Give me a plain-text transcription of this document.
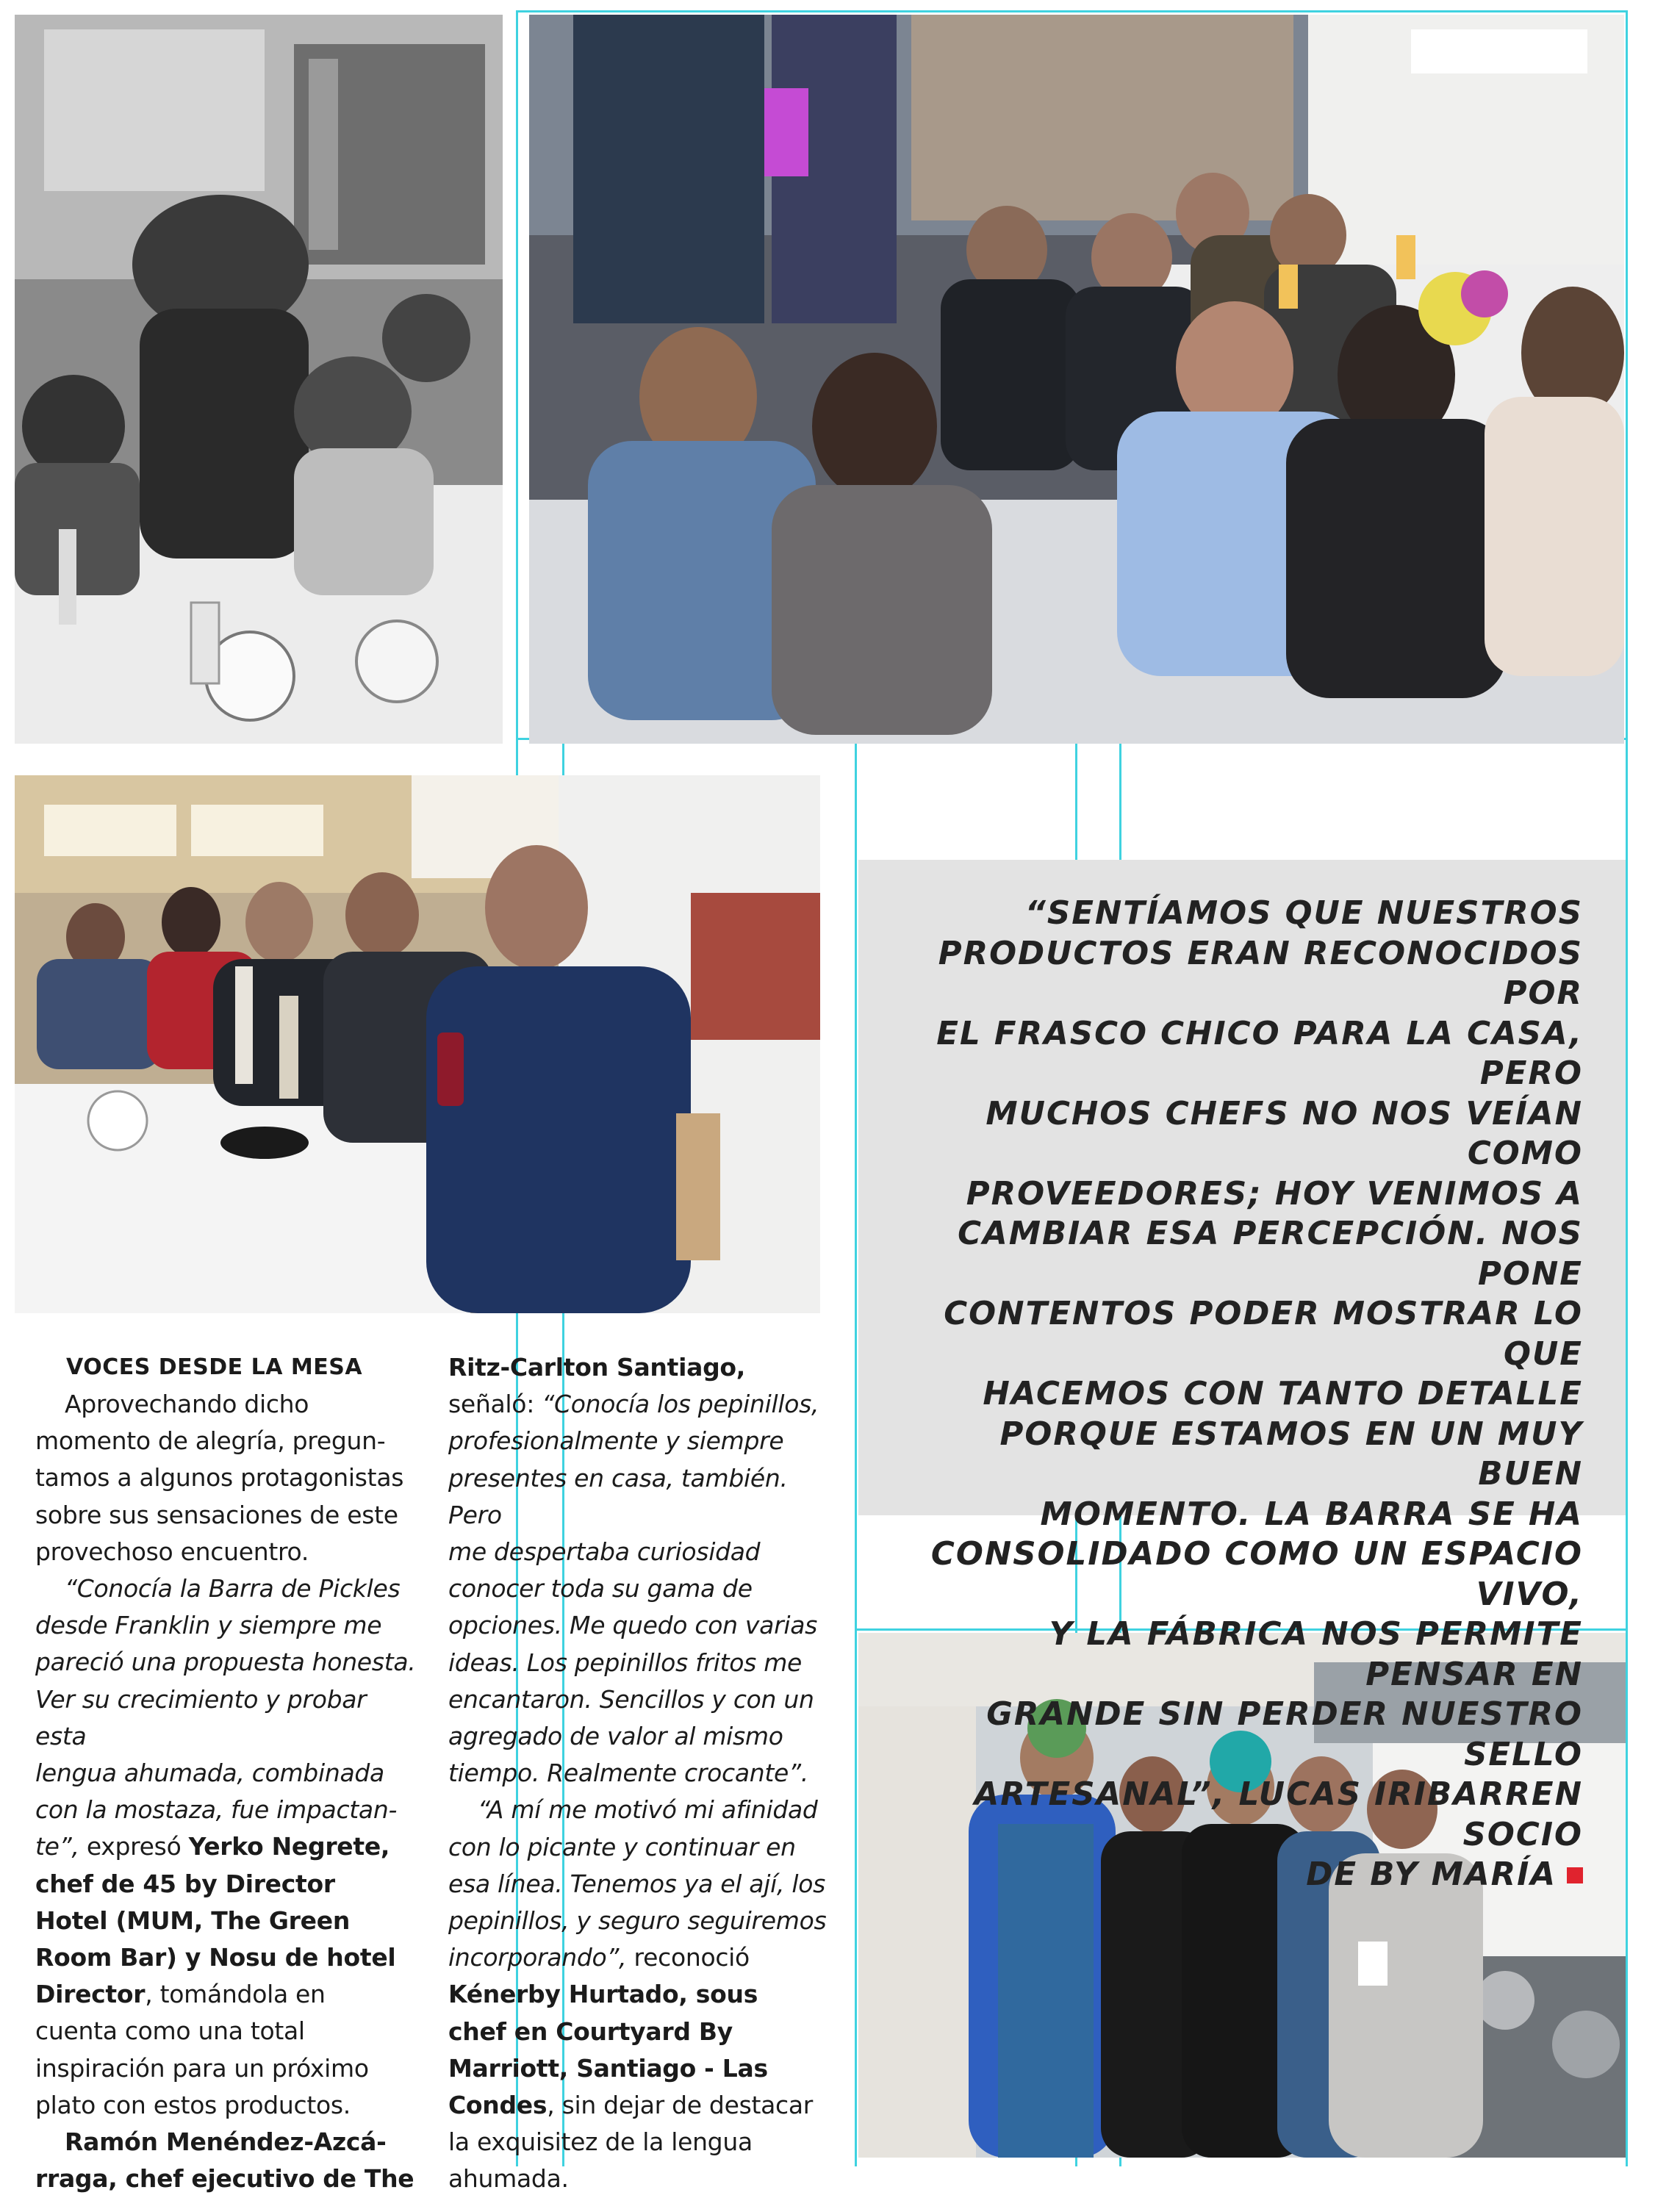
“SENTÍAMOS QUE NUESTROS
PRODUCTOS ERAN RECONOCIDOS POR
EL FRASCO CHICO PARA LA CASA, PERO
MUCHOS CHEFS NO NOS VEÍAN COMO
PROVEEDORES; HOY VENIMOS A
CAMBIAR ESA PERCEPCIÓN. NOS PONE
CONTENTOS PODER MOSTRAR LO QUE
HACEMOS CON TANTO DETALLE
PORQUE ESTAMOS EN UN MUY BUEN
MOMENTO. LA BARRA SE HA
CONSOLIDADO COMO UN ESPACIO VIVO,
Y LA FÁBRICA NOS PERMITE PENSAR EN
GRANDE SIN PERDER NUESTRO SELLO
ARTESANAL”, LUCAS IRIBARREN SOCIO
DE BY MARÍA

VOCES DESDE LA MESA

Aprovechando dicho
momento de alegría, pregun-
tamos a algunos protagonistas
sobre sus sensaciones de este
provechoso encuentro.

“Conocía la Barra de Pickles
desde Franklin y siempre me
pareció una propuesta honesta.
Ver su crecimiento y probar esta
lengua ahumada, combinada
con la mostaza, fue impactan-
te”, expresó Yerko Negrete,
chef de 45 by Director
Hotel (MUM, The Green
Room Bar) y Nosu de hotel
Director, tomándola en
cuenta como una total
inspiración para un próximo
plato con estos productos.

Ramón Menéndez-Azcá-
rraga, chef ejecutivo de The

Ritz-Carlton Santiago,
señaló: “Conocía los pepinillos,
profesionalmente y siempre
presentes en casa, también. Pero
me despertaba curiosidad
conocer toda su gama de
opciones. Me quedo con varias
ideas. Los pepinillos fritos me
encantaron. Sencillos y con un
agregado de valor al mismo
tiempo. Realmente crocante”.

“A mí me motivó mi afinidad
con lo picante y continuar en
esa línea. Tenemos ya el ají, los
pepinillos, y seguro seguiremos
incorporando”, reconoció
Kénerby Hurtado, sous
chef en Courtyard By
Marriott, Santiago - Las
Condes, sin dejar de destacar
la exquisitez de la lengua
ahumada.
